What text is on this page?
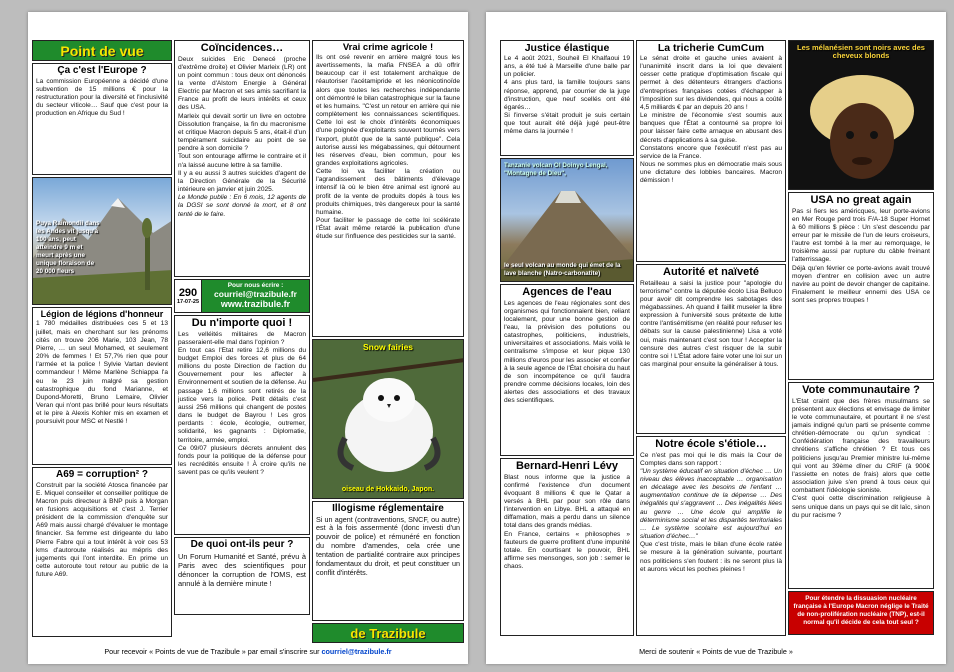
Point de vue
Ça c'est l'Europe ?
La commission Européenne a décidé d'une subvention de 15 millions € pour la restructuration pour la diversité et l'inclusivité du secteur viticole… Sauf que c'est pour la production en Afrique du Sud !
Puya Raimondii dans les Andes vit jusqu'à 100 ans, peut atteindre 9 m et meurt après une unique floraison de 20 000 fleurs
Légion de légions d'honneur
1 780 médailles distribuées ces 5 et 13 juillet, mais en cherchant sur les prénoms cités on trouve 206 Marie, 103 Jean, 78 Pierre, … un seul Mohamed, et seulement 20% de femmes ! Et 57,7% rien que pour l'armée et la police ! Sylvie Vartan devient commandeur ! Même Marlène Schiappa l'a eu le 23 juin malgré sa gestion catastrophique du fond Marianne, et Dupond-Moretti, Bruno Lemaire, Olivier Veran qui n'ont pas brillé pour leurs résultats et le pire à Alexis Kohler mis en examen et poursuivit pour MSC et Nestlé !
A69 = corruption² ?
Construit par la société Atosca financée par E. Miquel conseiller et conseiller politique de Macron puis directeur à BNP puis à Morgan en fusions acquisitions et c'est J. Terrier président de la commission d'enquête sur A69 mais aussi chargé d'évaluer le montage financier. Sa femme est dirigeante du labo Pierre Fabre qui a tout intérêt à voir ces 53 kms d'autoroute réalisés au mépris des jugements qui l'ont interdite. En prime un cette autoroute tout retour au public de la future A69.
Coïncidences…
Deux suicides Eric Denecé (proche d'extrême droite) et Olivier Marleix (LR) ont un point commun : tous deux ont dénoncés la vente d'Alstom Energie à Général Electric par Macron et ses amis sacrifiant la France au profit de leurs intérêts et ceux des USA.
Marleix qui devait sortir un livre en octobre Dissolution française, la fin du macronisme et critique Macron depuis 5 ans, était-il d'un tempérament suicidaire au point de se pendre à son domicile ?
Tout son entourage affirme le contraire et il n'a laissé aucune lettre à sa famille.
Il y a eu aussi 3 autres suicides d'agent de la Direction Générale de la Sécurité intérieure en janvier et juin 2025.
Le Monde publie : En 6 mois, 12 agents de la DGSI se sont donné la mort, et 8 ont tenté de le faire.
290
17-07-25
Pour nous écrire :
courriel@trazibule.fr
www.trazibule.fr
Du n'importe quoi !
Les velléités militaires de Macron passeraient-elle mal dans l'opinion ?
En tout cas l'État retire 12,6 millions du budget Emploi des forces et plus de 64 millions du poste Direction de l'action du Gouvernement pour les affecter à Environnement et soutien de la défense. Au passage 1,6 millions sont retirés de la justice vers la police. Petit détails c'est aussi 256 millions qui changent de postes dans le budget de Bayrou ! Les gros perdants : école, écologie, outremer, solidarité, les gagnants : Diplomatie, territoire, armée, emploi.
Ce 09/07 plusieurs décrets annulent des fonds pour la politique de la défense pour les recrédités ensuite ! À croire qu'ils ne savent pas ce qu'ils veulent ?
De quoi ont-ils peur ?
Un Forum Humanité et Santé, prévu à Paris avec des scientifiques pour dénoncer la corruption de l'OMS, est annulé à la dernière minute !
Vrai crime agricole !
Ils ont osé revenir en arrière malgré tous les avertissements, la mafia FNSEA a dû offrir beaucoup car il est totalement archaïque de réautoriser l'acétamipride et les néonicotinoïde alors que toutes les recherches indépendante ont démontré le bilan catastrophique sur la faune et les humains. "C'est un retour en arrière qui nie complètement les connaissances scientifiques. Cette loi est le choix d'intérêts économiques d'une poignée d'exploitants souvent tournés vers l'export, plutôt que de la santé publique". Cela autorise aussi les mégabassines, qui détournent les réserves d'eau, bien commun, pour les grandes exploitations agricoles.
Cette loi va faciliter la création ou l'agrandissement des bâtiments d'élevage intensif là où le bien être animal est ignoré au profit de la vente de produits dopés à tous les produits chimiques, très dangereux pour la santé humaine.
Pour faciliter le passage de cette loi scélérate l'État avait même retardé la publication d'une étude sur l'influence des pesticides sur la santé.
Snow fairies
oiseau de Hokkaido, Japon.
Illogisme réglementaire
Si un agent (contraventions, SNCF, ou autre) est à la fois assermenté (donc investi d'un pouvoir de police) et rémunéré en fonction du nombre d'amendes, cela crée une tentation de partialité contraire aux principes fondamentaux du droit, et peut constituer un conflit d'intérêts.
de Trazibule
Pour recevoir « Points de vue de Trazibule » par email s'inscrire sur courriel@trazibule.fr
Justice élastique
Le 4 août 2021, Souheil El Khalfaoui 19 ans, a été tué à Marseille d'une balle par un policier.
4 ans plus tard, la famille toujours sans réponse, apprend, par courrier de la juge d'instruction, que neuf scellés ont été égarés…
Si l'inverse s'était produit je suis certain que tout aurait été déjà jugé peut-être même dans la journée !
Tanzanie volcan Ol Doinyo Lengai, "Montagne de Dieu",
le seul volcan au monde qui émet de la lave blanche (Natro-carbonatite)
Agences de l'eau
Les agences de l'eau régionales sont des organismes qui fonctionnaient bien, reliant localement, pour une bonne gestion de l'eau, la prévision des pollutions ou catastrophes, politiciens, industriels, universitaires et associations. Mais voilà le centralisme s'impose et leur pique 130 millions d'euros pour les associer et confier à la seule agence de l'État choisira du haut de son incompétence ce qu'il faudra prendre comme décisions locales, loin des alertes des associations et des travaux des scientifiques.
Bernard-Henri Lévy
Blast nous informe que la justice a confirmé l'existence d'un document évoquant 8 millions € que le Qatar a versés à BHL par pour son rôle dans l'intervention en Libye. BHL a attaqué en diffamation, mais a perdu dans un silence total dans des grands médias.
En France, certains « philosophes » fauteurs de guerre profitent d'une impunité totale. En courtisant le pouvoir, BHL affirme ses mensonges, son job : semer le chaos.
La tricherie CumCum
Le sénat droite et gauche unies avaient à l'unanimité inscrit dans la loi que devaient cesser cette pratique d'optimisation fiscale qui permet à des détenteurs étrangers d'actions d'entreprises françaises cotées d'échapper à l'imposition sur les dividendes, qui nous a coûté 4,5 milliards € par an depuis 20 ans !
Le ministre de l'économie s'est soumis aux banques que l'État a contourné sa propre loi pour laisser faire cette arnaque en abusant des décrets d'applications à sa guise.
Constatons encore que l'exécutif n'est pas au service de la France.
Nous ne sommes plus en démocratie mais sous une dictature des lobbies bancaires. Macron démission !
Autorité et naïveté
Retailleau a saisi la justice pour "apologie du terrorisme" contre la députée écolo Lisa Belluco pour avoir dit comprendre les sabotages des mégabassines. Ah quand il faillit museler la libre expression à l'université sous prétexte de lutte contre l'antisémitisme (en réalité pour refuser les débats sur la cause palestinienne) Lisa a voté oui, mais maintenant c'est son tour ! Accepter la censure des autres c'est risquer de la subir contre soi ! L'État adore faire voter une loi sur un cas marginal pour ensuite la généraliser à tous.
Notre école s'étiole…
Ce n'est pas moi qui le dis mais la Cour de Comptes dans son rapport :
"Un système éducatif en situation d'échec … Un niveau des élèves inacceptable … organisation en décalage avec les besoins de l'enfant … augmentation continue de la dépense … Des inégalités qui s'aggravent … Des inégalités liées au genre … Une école qui amplifie le déterminisme social et les disparités territoriales … Le système scolaire est aujourd'hui en situation d'échec…"
Que c'est triste, mais le bilan d'une école ratée se mesure à la génération suivante, pourtant nos politiciens s'en foutent : ils ne seront plus là et aurons vécut les poches pleines !
Les mélanésien sont noirs avec des cheveux blonds
USA no great again
Pas si fiers les américques, leur porte-avions en Mer Rouge perd trois F/A-18 Super Hornet à 60 millions $ pièce : Un s'est descendu par erreur par le missile de l'un de leurs croiseurs, l'autre est tombé à la mer au remorquage, le troisième aussi par rupture du câble freinant l'atterrissage.
Déjà qu'en février ce porte-avions avait trouvé moyen d'entrer en collision avec un autre navire au point de devoir changer de capitaine. Finalement le meilleur ennemi des USA ce sont ses propres troupes !
Vote communautaire ?
L'État craint que des frères musulmans se présentent aux élections et envisage de limiter le vote communautaire, et pourtant il ne s'est jamais indigné qu'un parti se présente comme chrétien-démocrate ou qu'un syndicat : Confédération française des travailleurs chrétiens s'affiche chrétien ? Et tous ces politiciens jusqu'au Premier ministre lui-même qui vont au 39ème dîner du CRIF (à 900€ l'assiette en notes de frais) alors que cette association juive s'en prend à tous ceux qui combattent l'idéologie sioniste.
C'est quoi cette discrimination religieuse à sens unique dans un pays qui se dit laïc, sinon du pur racisme ?
Pour étendre la dissuasion nucléaire française à l'Europe Macron néglige le Traité de non-prolifération nucléaire (TNP), est-il normal qu'il décide de cela tout seul ?
Merci de soutenir « Points de vue de Trazibule »
